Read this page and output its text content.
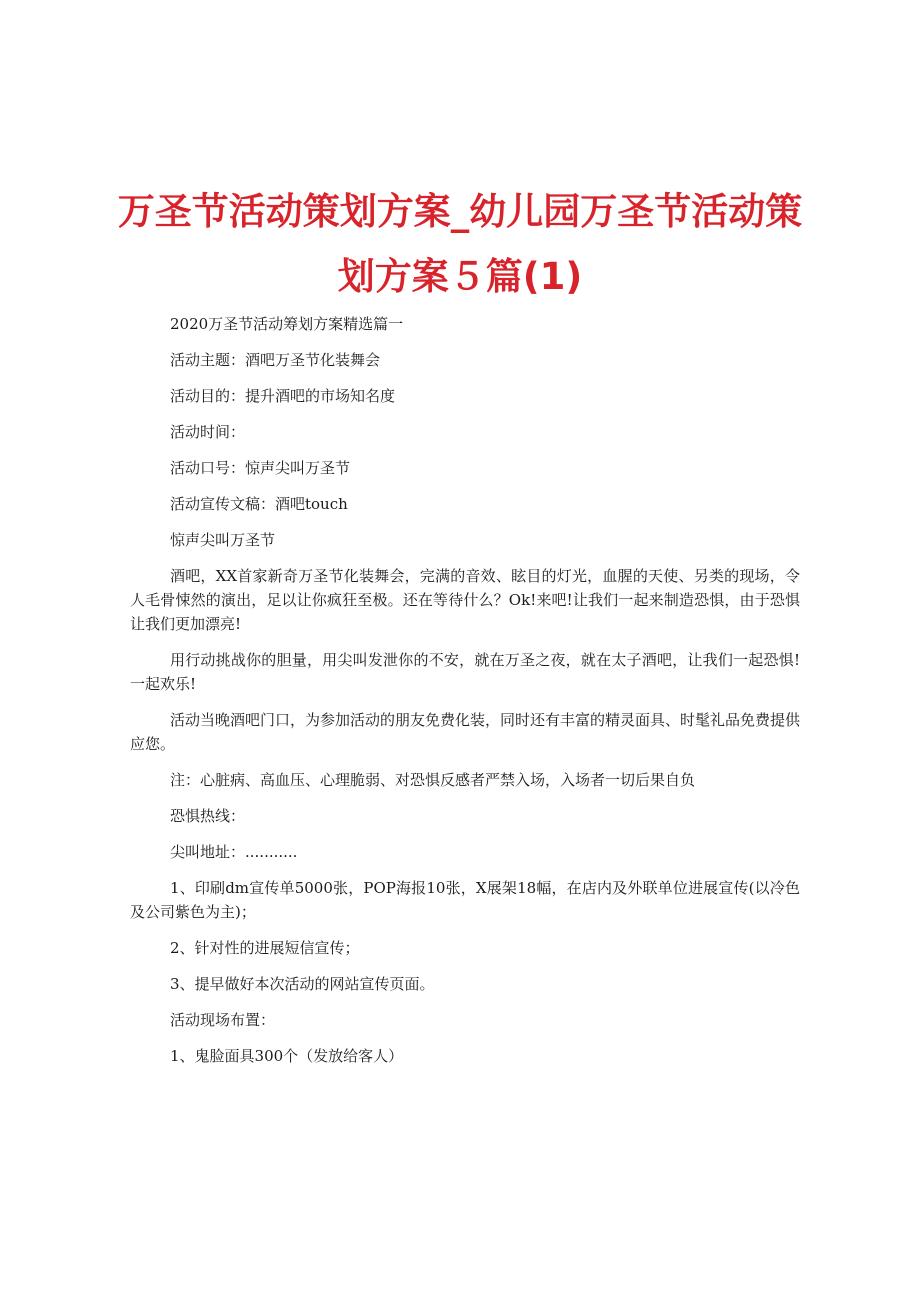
万圣节活动策划方案_幼儿园万圣节活动策
划方案５篇(1)

2020万圣节活动筹划方案精选篇一

活动主题：酒吧万圣节化装舞会

活动目的：提升酒吧的市场知名度

活动时间：

活动口号：惊声尖叫万圣节

活动宣传文稿：酒吧touch

惊声尖叫万圣节

酒吧，XX首家新奇万圣节化装舞会，完满的音效、眩目的灯光，血腥的天使、另类的现场，令人毛骨悚然的演出，足以让你疯狂至极。还在等待什么？Ok!来吧!让我们一起来制造恐惧，由于恐惧让我们更加漂亮!

用行动挑战你的胆量，用尖叫发泄你的不安，就在万圣之夜，就在太子酒吧，让我们一起恐惧!一起欢乐!

活动当晚酒吧门口，为参加活动的朋友免费化装，同时还有丰富的精灵面具、时髦礼品免费提供应您。

注：心脏病、高血压、心理脆弱、对恐惧反感者严禁入场，入场者一切后果自负

恐惧热线：

尖叫地址：...........

1、印刷dm宣传单5000张，POP海报10张，X展架18幅，在店内及外联单位进展宣传(以冷色及公司紫色为主)；

2、针对性的进展短信宣传；

3、提早做好本次活动的网站宣传页面。

活动现场布置：

1、鬼脸面具300个（发放给客人）
